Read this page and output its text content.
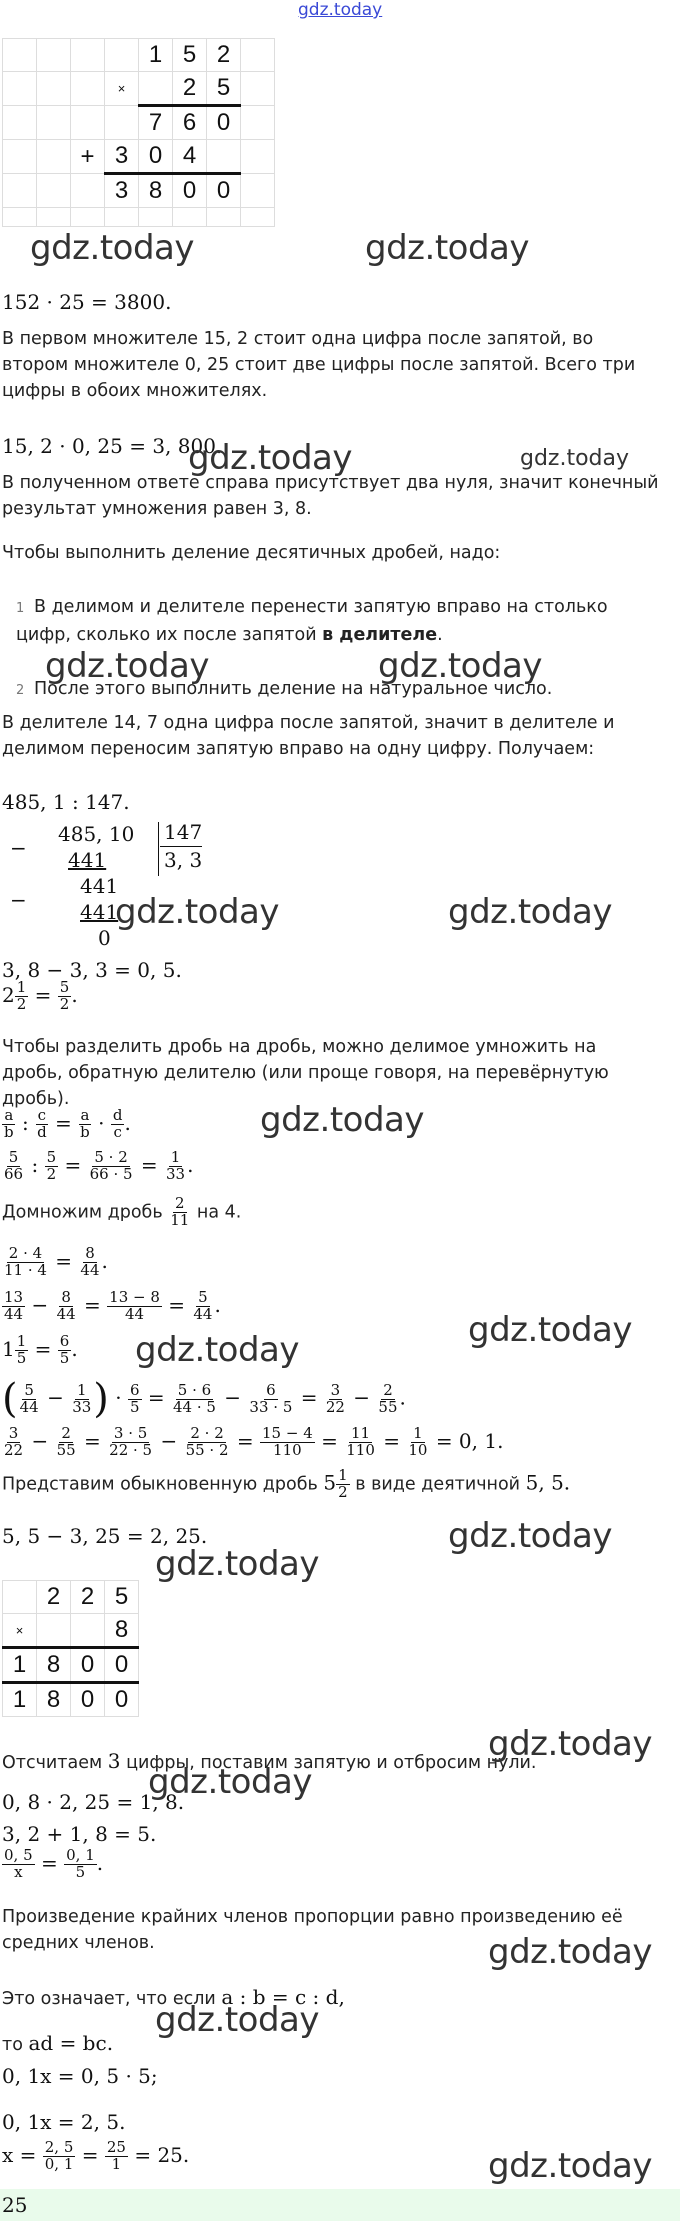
gdz.today
				1	5	2	
			×		2	5	
				7	6	0	
		+	3	0	4		
			3	8	0	0	

gdz.today	gdz.today
152 · 25 = 3800.
В первом множителе 15, 2 стоит одна цифра после запятой, во втором множителе 0, 25 стоит две цифры после запятой. Всего три цифры в обоих множителях.
15, 2 · 0, 25 = 3, 800.
gdz.today	gdz.today
В полученном ответе справа присутствует два нуля, значит конечный результат умножения равен 3, 8.
Чтобы выполнить деление десятичных дробей, надо:
1 В делимом и делителе перенести запятую вправо на столько цифр, сколько их после запятой в делителе.
gdz.today	gdz.today
2 После этого выполнить деление на натуральное число.
В делителе 14, 7 одна цифра после запятой, значит в делителе и делимом переносим запятую вправо на одну цифру. Получаем:
485, 1 : 147.
−
485, 10
441
441
−	441
0
147
3, 3
gdz.today	gdz.today
3, 8 − 3, 3 = 0, 5.
$2 \frac{1}{2} = \frac{5}{2}$ .
Чтобы разделить дробь на дробь, можно делимое умножить на дробь, обратную делителю (или проще говоря, на перевёрнутую дробь).
$\frac{a}{b}$ : $\frac{c}{d} = \frac{a}{b} \cdot \frac{d}{c}$ .	gdz.today
$\frac{5}{66}$ : $\frac{5}{2} = \frac{5 \cdot 2}{66 \cdot 5} = \frac{1}{33}$ .
Домножим дробь $\frac{2}{11}$ на 4.
$\frac{2 \cdot 4}{11 \cdot 4} = \frac{8}{44}$ .
$\frac{13}{44} - \frac{8}{44} = \frac{13 - 8}{44} = \frac{5}{44}$ .
gdz.today
$1 \frac{1}{5} = \frac{6}{5}$ . gdz.today
( $\frac{5}{44} - \frac{1}{33}$ ) · $\frac{6}{5} = \frac{5 \cdot 6}{44 \cdot 5} - \frac{6}{33 \cdot 5} = \frac{3}{22} - \frac{2}{55}$ .
$\frac{3}{22} - \frac{2}{55} = \frac{3 \cdot 5}{22 \cdot 5} - \frac{2 \cdot 2}{55 \cdot 2} = \frac{15 - 4}{110} = \frac{11}{110} = \frac{1}{10} = 0$, 1.
Представим обыкновенную дробь $5 \frac{1}{2}$ в виде деятичной 5, 5.
5, 5 − 3, 25 = 2, 25.	gdz.today
gdz.today
	2	2	5
×			8
1	8	0	0
1	8	0	0
Отсчитаем 3 цифры, поставим запятую и отбросим нули.
gdz.today
gdz.today
0, 8 · 2, 25 = 1, 8.
3, 2 + 1, 8 = 5.
$\frac{0, 5}{x} = \frac{0, 1}{5}$ .
Произведение крайних членов пропорции равно произведению её средних членов.	gdz.today
Это означает, что если a : b = c : d,
gdz.today
то ad = bc.
0, 1x = 0, 5 · 5;
0, 1x = 2, 5.
$x = \frac{2, 5}{0, 1} = \frac{25}{1} = 25$.	gdz.today
25
